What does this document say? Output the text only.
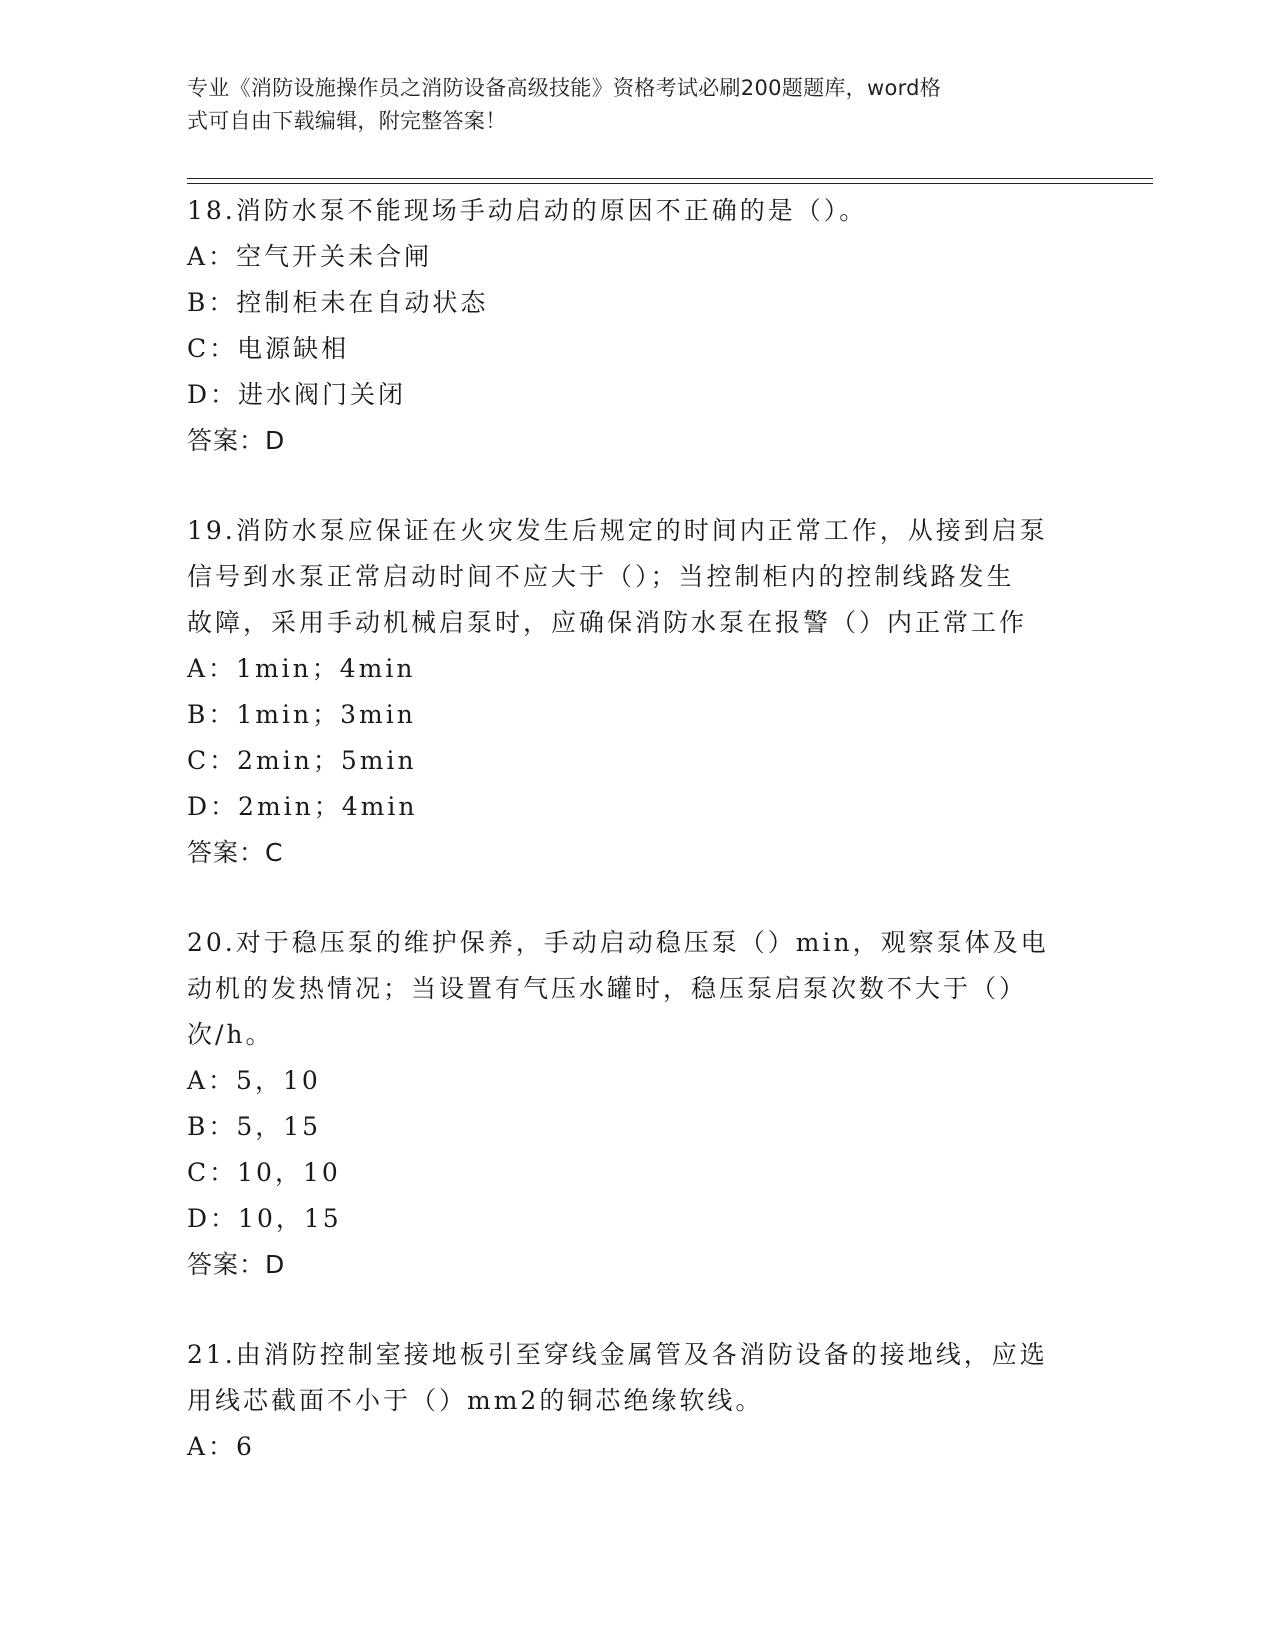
专业《消防设施操作员之消防设备高级技能》资格考试必刷200题题库，word格
式可自由下载编辑，附完整答案！
18.消防水泵不能现场手动启动的原因不正确的是（）。
A：空气开关未合闸
B：控制柜未在自动状态
C：电源缺相
D：进水阀门关闭
答案：D
19.消防水泵应保证在火灾发生后规定的时间内正常工作，从接到启泵
信号到水泵正常启动时间不应大于（）；当控制柜内的控制线路发生
故障，采用手动机械启泵时，应确保消防水泵在报警（）内正常工作
A：1min；4min
B：1min；3min
C：2min；5min
D：2min；4min
答案：C
20.对于稳压泵的维护保养，手动启动稳压泵（）min，观察泵体及电
动机的发热情况；当设置有气压水罐时，稳压泵启泵次数不大于（）
次/h。
A：5，10
B：5，15
C：10，10
D：10，15
答案：D
21.由消防控制室接地板引至穿线金属管及各消防设备的接地线，应选
用线芯截面不小于（）mm2的铜芯绝缘软线。
A：6
